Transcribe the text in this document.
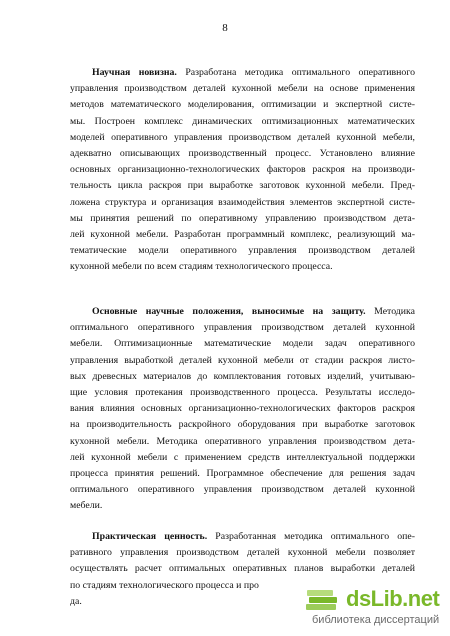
8

Научная новизна. Разработана методика оптимального оперативного
управления производством деталей кухонной мебели на основе применения
методов математического моделирования, оптимизации и экспертной систе-
мы. Построен комплекс динамических оптимизационных математических
моделей оперативного управления производством деталей кухонной мебели,
адекватно описывающих производственный процесс. Установлено влияние
основных организационно-технологических факторов раскроя на производи-
тельность цикла раскроя при выработке заготовок кухонной мебели. Пред-
ложена структура и организация взаимодействия элементов экспертной систе-
мы принятия решений по оперативному управлению производством дета-
лей кухонной мебели. Разработан программный комплекс, реализующий ма-
тематические модели оперативного управления производством деталей
кухонной мебели по всем стадиям технологического процесса.

Основные научные положения, выносимые на защиту. Методика
оптимального оперативного управления производством деталей кухонной
мебели. Оптимизационные математические модели задач оперативного
управления выработкой деталей кухонной мебели от стадии раскроя листо-
вых древесных материалов до комплектования готовых изделий, учитываю-
щие условия протекания производственного процесса. Результаты исследо-
вания влияния основных организационно-технологических факторов раскроя
на производительность раскройного оборудования при выработке заготовок
кухонной мебели. Методика оперативного управления производством дета-
лей кухонной мебели с применением средств интеллектуальной поддержки
процесса принятия решений. Программное обеспечение для решения задач
оптимального оперативного управления производством деталей кухонной
мебели.

Практическая ценность. Разработанная методика оптимального опе-
ративного управления производством деталей кухонной мебели позволяет
осуществлять расчет оптимальных оперативных планов выработки деталей
по стадиям технологического процесса и про
да.	dsLib.net
библиотека диссертаций
